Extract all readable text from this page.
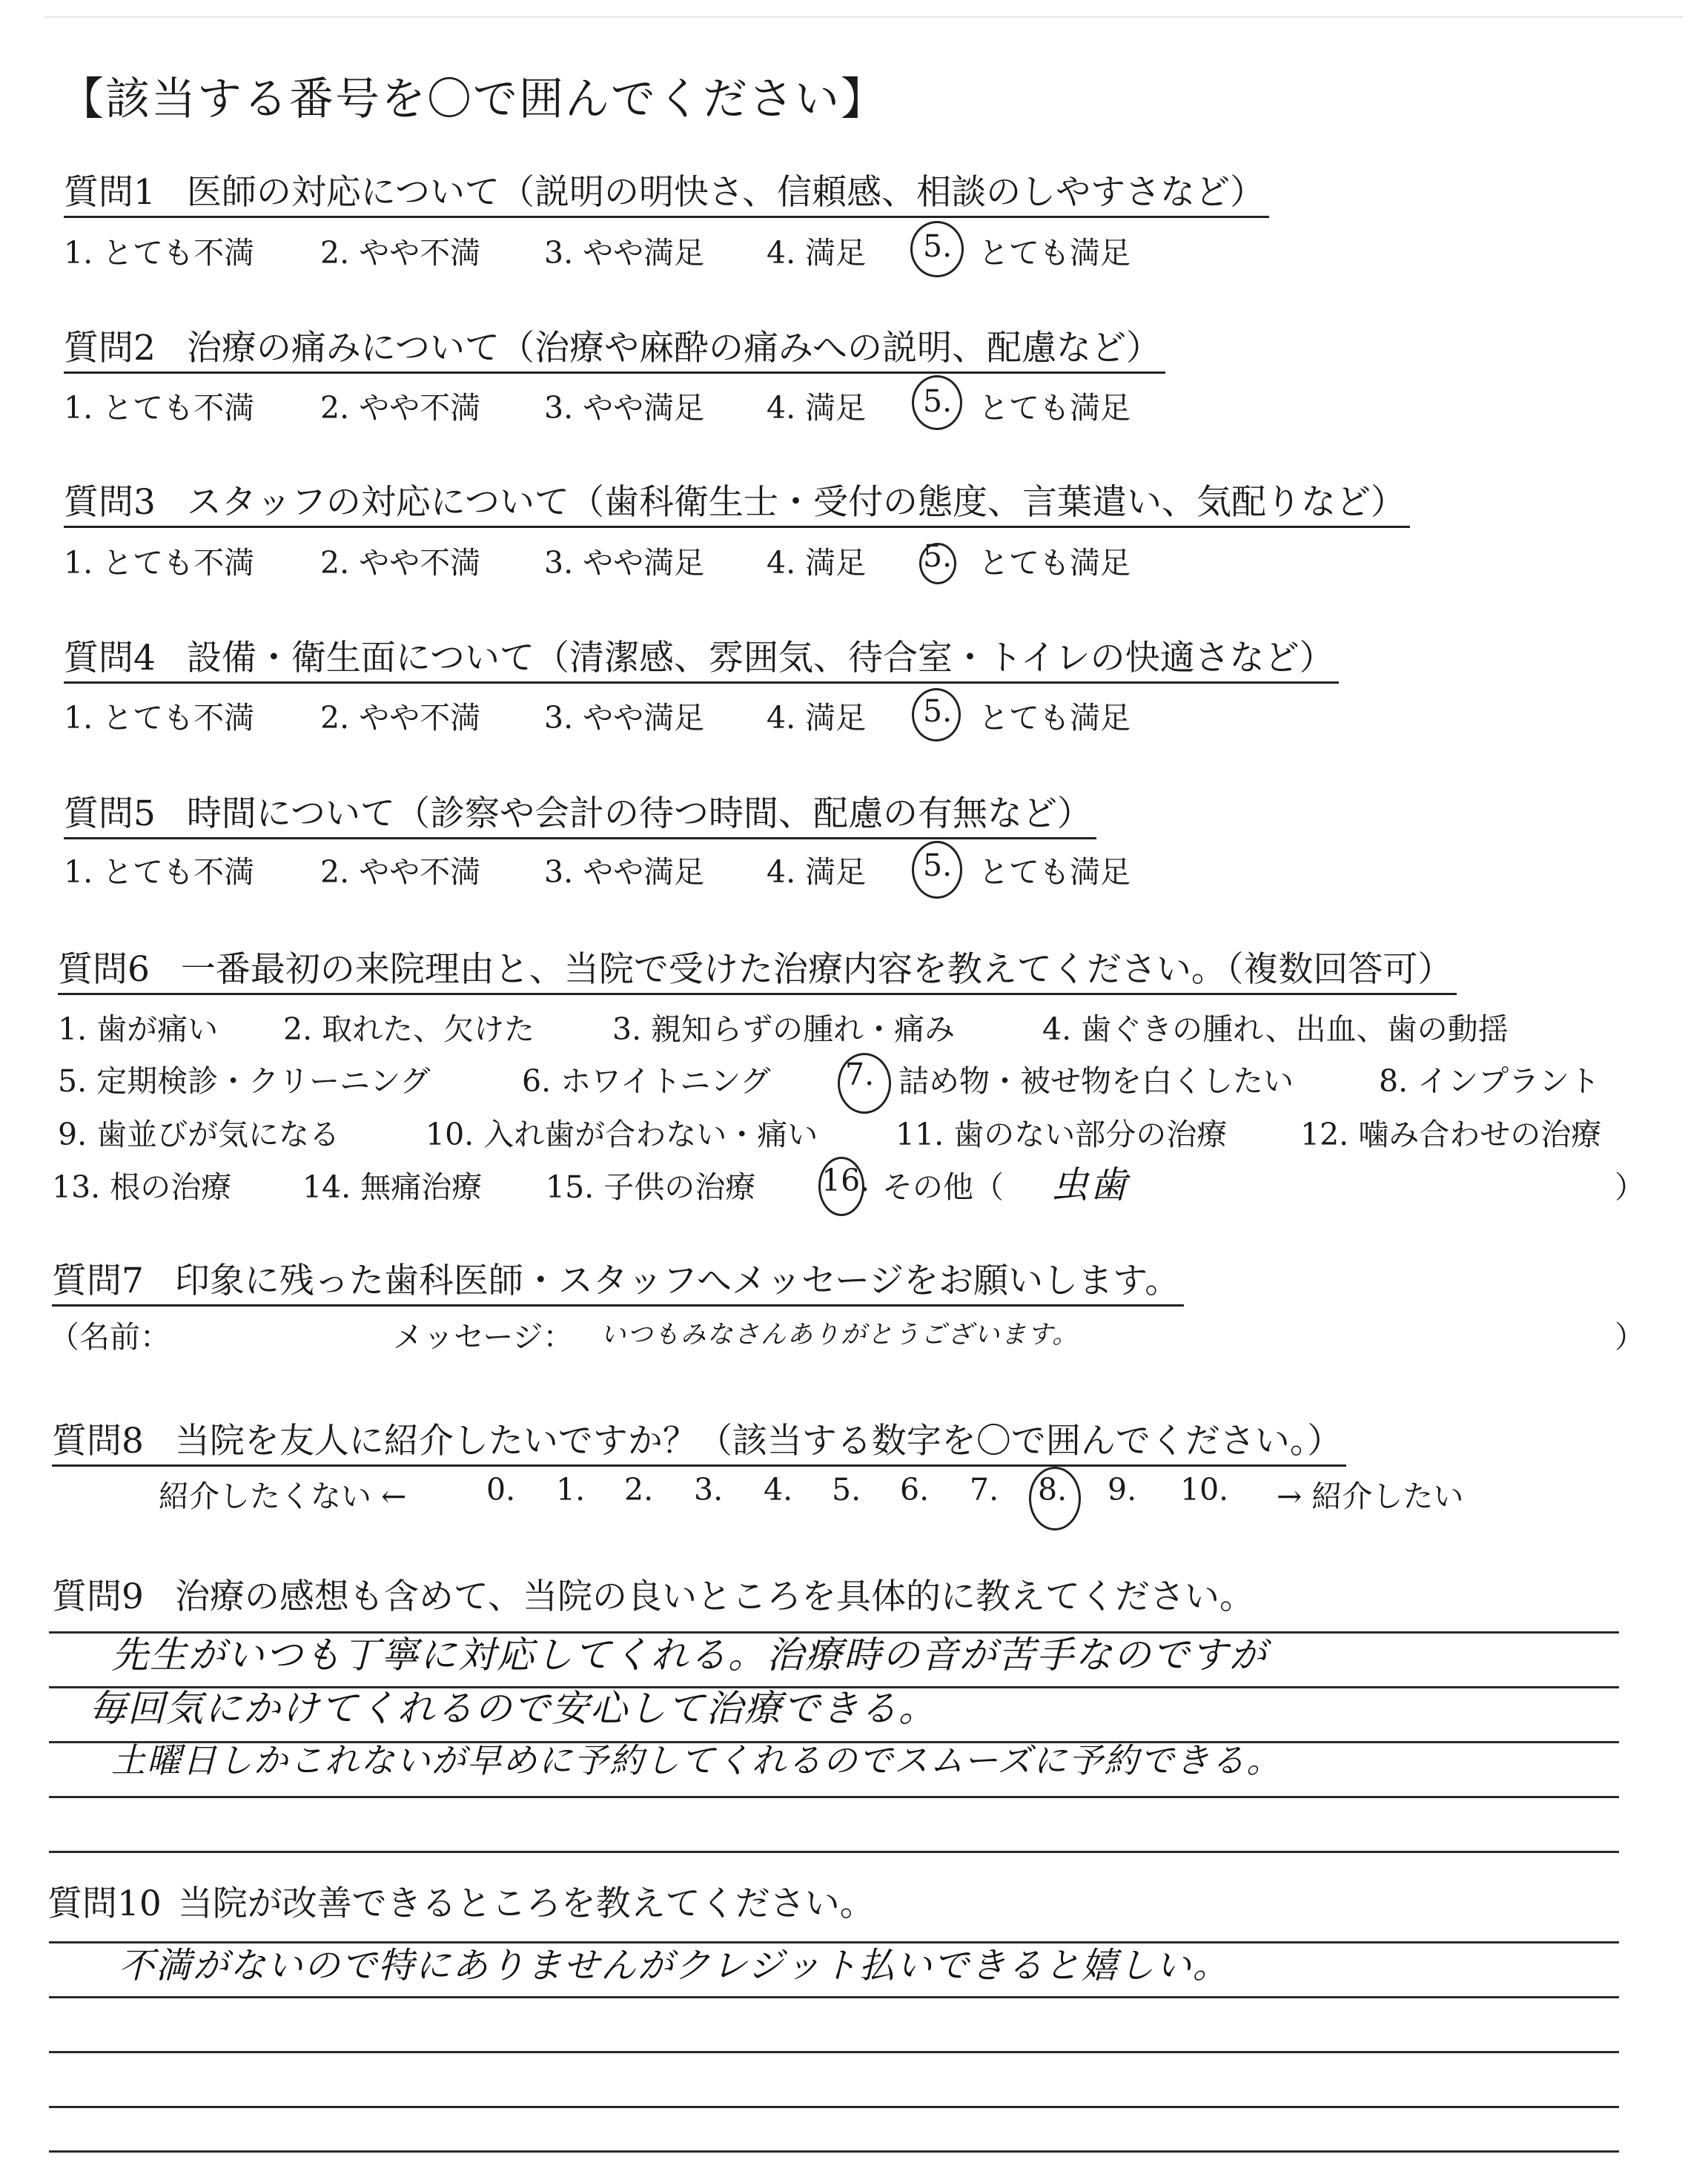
【該当する番号を〇で囲んでください】
質問1 医師の対応について（説明の明快さ、信頼感、相談のしやすさなど）
1. とても不満 2. やや不満 3. やや満足 4. 満足 5. とても満足
質問2 治療の痛みについて（治療や麻酔の痛みへの説明、配慮など）
1. とても不満 2. やや不満 3. やや満足 4. 満足 5. とても満足
質問3 スタッフの対応について（歯科衛生士・受付の態度、言葉遣い、気配りなど）
1. とても不満 2. やや不満 3. やや満足 4. 満足 5. とても満足
質問4 設備・衛生面について（清潔感、雰囲気、待合室・トイレの快適さなど）
1. とても不満 2. やや不満 3. やや満足 4. 満足 5. とても満足
質問5 時間について（診察や会計の待つ時間、配慮の有無など）
1. とても不満 2. やや不満 3. やや満足 4. 満足 5. とても満足
質問6 一番最初の来院理由と、当院で受けた治療内容を教えてください。（複数回答可）
1. 歯が痛い 2. 取れた、欠けた	3. 親知らずの腫れ・痛み	4. 歯ぐきの腫れ、出血、歯の動揺
5. 定期検診・クリーニング	6. ホワイトニング 7. 詰め物・被せ物を白くしたい	8. インプラント
9. 歯並びが気になる	10. 入れ歯が合わない・痛い	11. 歯のない部分の治療 12. 噛み合わせの治療
13. 根の治療 14. 無痛治療 15. 子供の治療 16. その他（ 虫歯	）
質問7 印象に残った歯科医師・スタッフへメッセージをお願いします。
（名前：	メッセージ： いつもみなさんありがとうございます。	）
質問8 当院を友人に紹介したいですか？（該当する数字を〇で囲んでください。）
紹介したくない ←	0. 1. 2. 3. 4. 5. 6. 7. 8. 9. 10. → 紹介したい
質問9 治療の感想も含めて、当院の良いところを具体的に教えてください。
先生がいつも丁寧に対応してくれる。治療時の音が苦手なのですが
毎回気にかけてくれるので安心して治療できる。
土曜日しかこれないが早めに予約してくれるのでスムーズに予約できる。
質問10 当院が改善できるところを教えてください。
不満がないので特にありませんがクレジット払いできると嬉しい。
